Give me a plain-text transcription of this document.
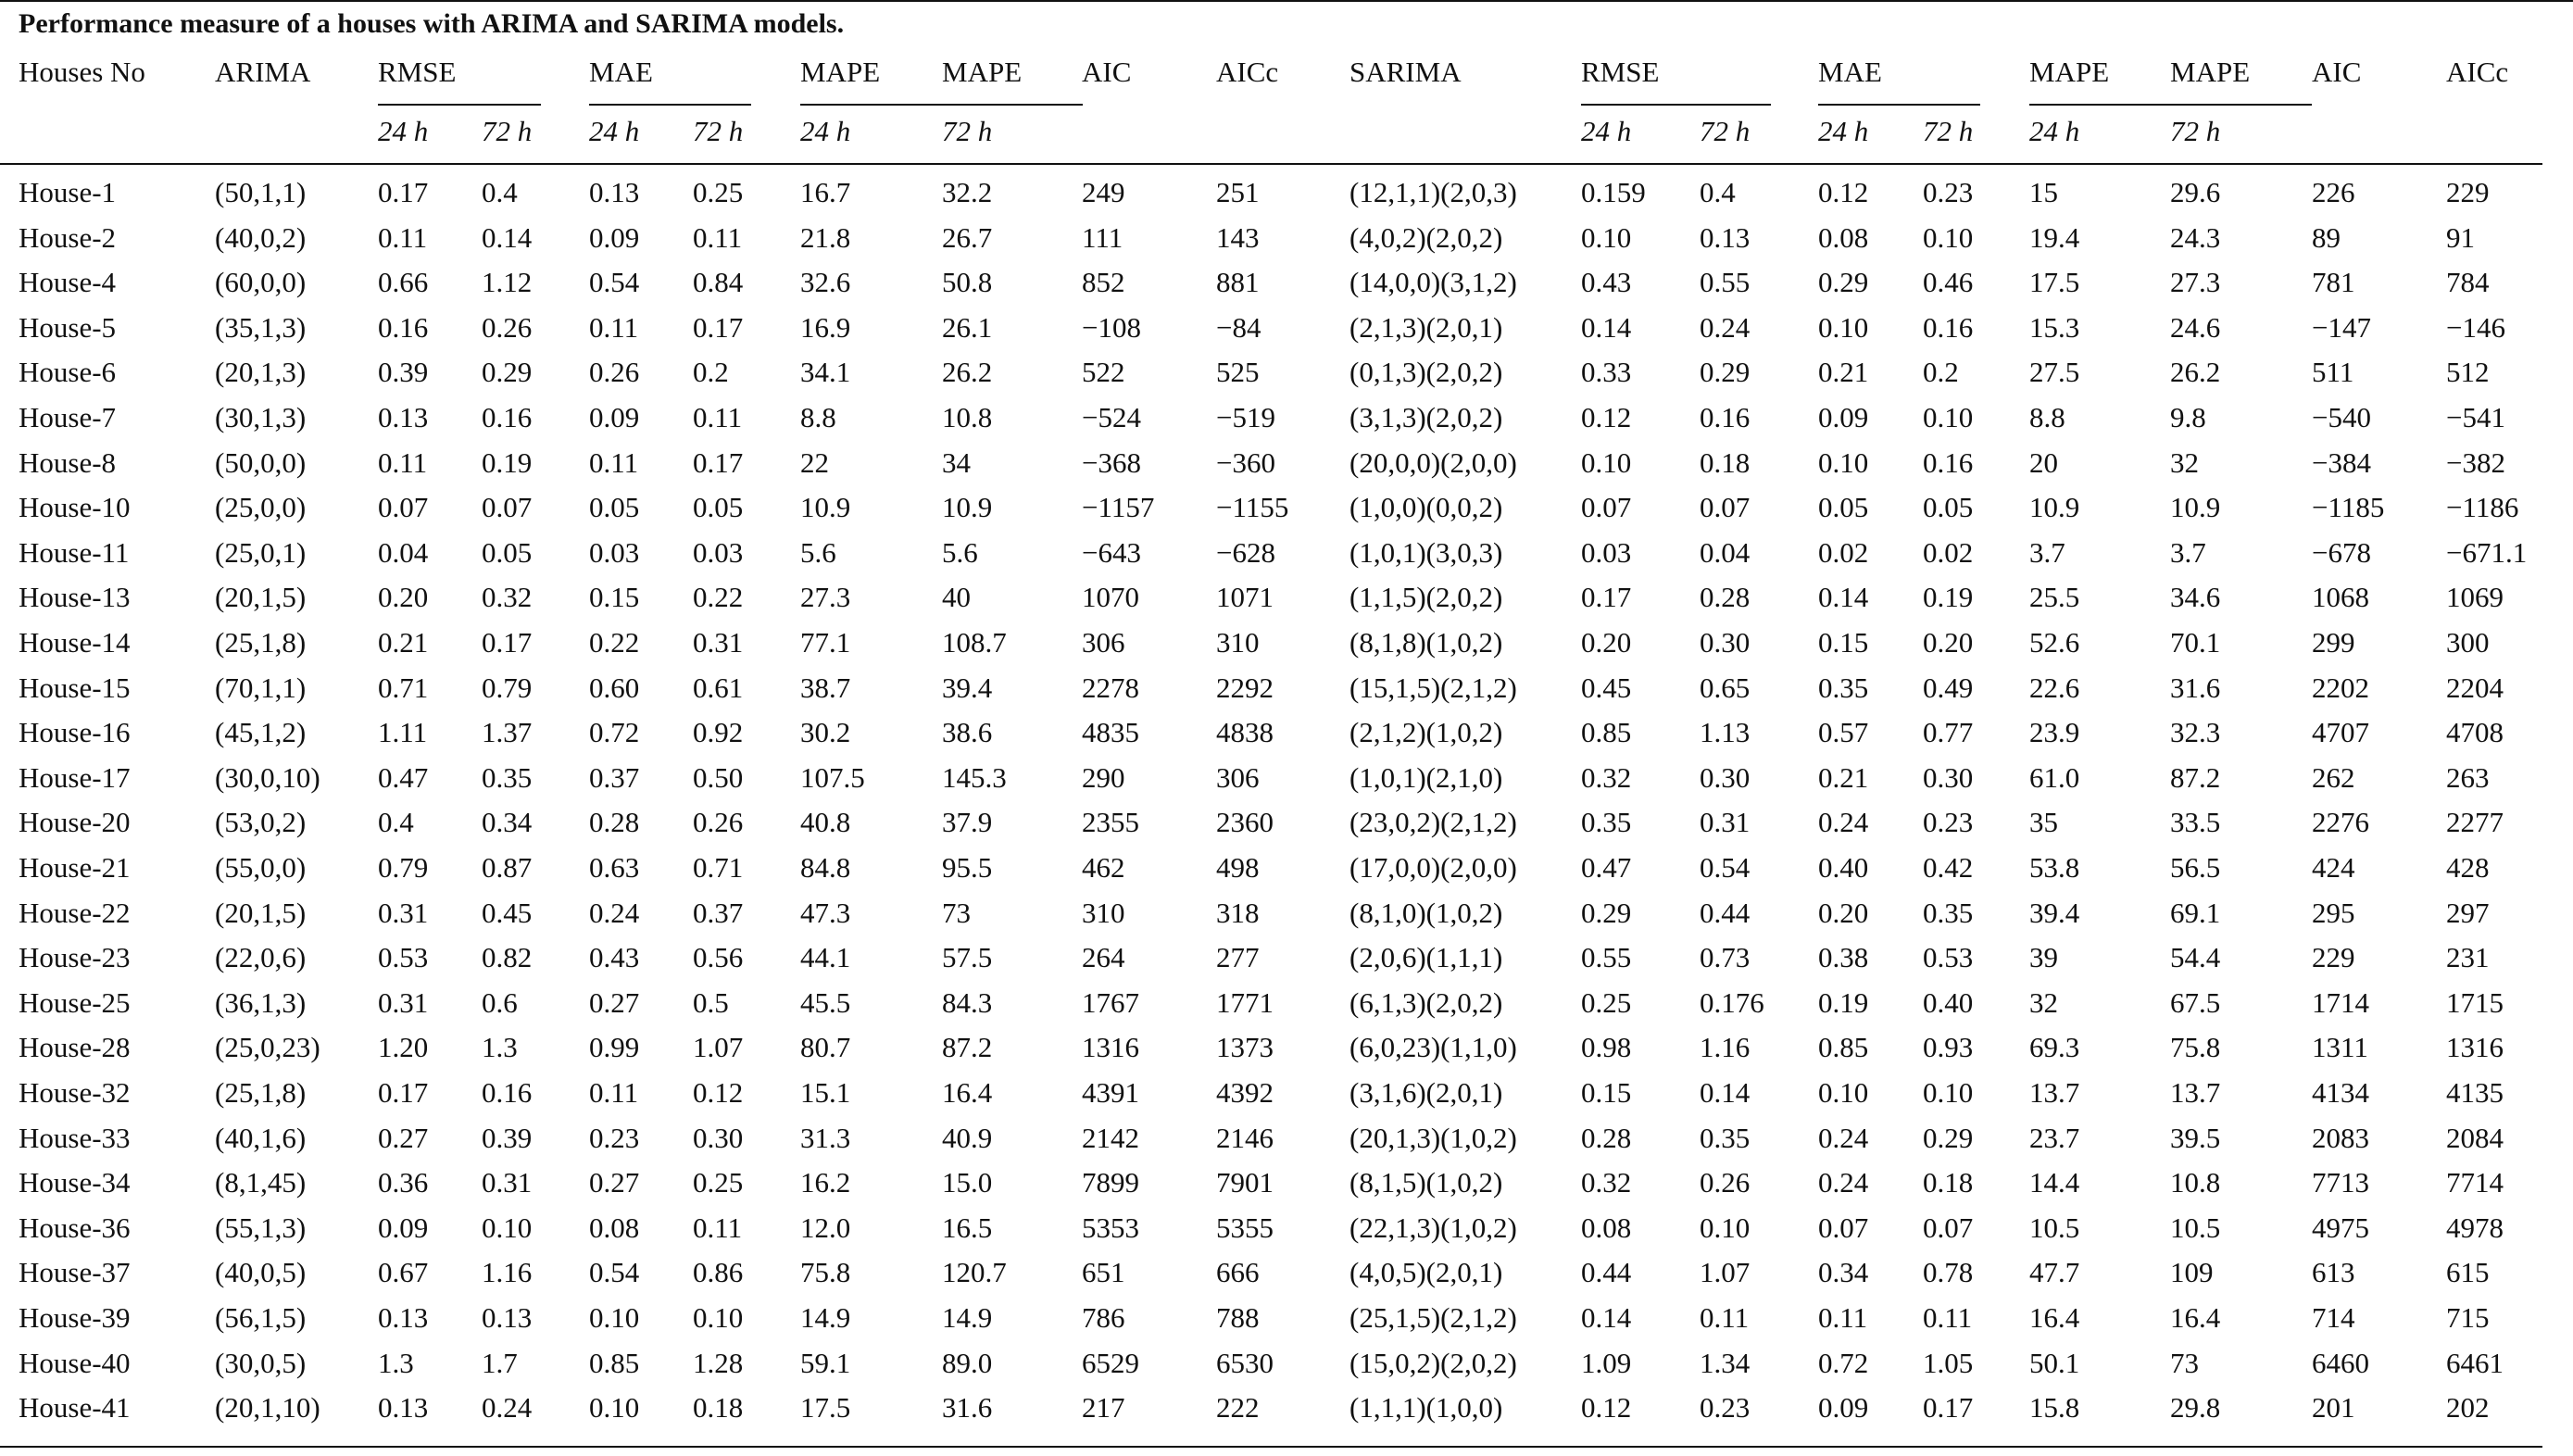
Performance measure of a houses with ARIMA and SARIMA models.
Houses No ARIMA RMSE	MAE	MAPE MAPE AIC	AICc SARIMA	RMSE	MAE	MAPE MAPE AIC	AICc
24 h 72 h 24 h 72 h 24 h	72 h	24 h 72 h 24 h 72 h 24 h	72 h
House-1	(50,1,1)	0.17 0.4 0.13 0.25 16.7	32.2	249	251	(12,1,1)(2,0,3) 0.159 0.4	0.12 0.23 15	29.6	226	229
House-2	(40,0,2)	0.11 0.14 0.09 0.11 21.8	26.7	111	143	(4,0,2)(2,0,2)	0.10 0.13 0.08 0.10 19.4	24.3	89	91
House-4	(60,0,0)	0.66 1.12 0.54 0.84 32.6	50.8	852	881	(14,0,0)(3,1,2) 0.43 0.55 0.29 0.46 17.5	27.3	781	784
House-5	(35,1,3)	0.16 0.26 0.11 0.17 16.9	26.1	−108	−84	(2,1,3)(2,0,1)	0.14 0.24 0.10 0.16 15.3	24.6	−147	−146
House-6	(20,1,3)	0.39 0.29 0.26 0.2 34.1	26.2	522	525	(0,1,3)(2,0,2)	0.33 0.29 0.21 0.2 27.5	26.2	511	512
House-7	(30,1,3)	0.13 0.16 0.09 0.11 8.8	10.8	−524	−519	(3,1,3)(2,0,2)	0.12 0.16 0.09 0.10 8.8	9.8	−540	−541
House-8	(50,0,0)	0.11 0.19 0.11 0.17 22	34	−368	−360	(20,0,0)(2,0,0) 0.10 0.18 0.10 0.16 20	32	−384	−382
House-10	(25,0,0)	0.07 0.07 0.05 0.05 10.9	10.9	−1157 −1155 (1,0,0)(0,0,2)	0.07 0.07 0.05 0.05 10.9	10.9	−1185 −1186
House-11	(25,0,1)	0.04 0.05 0.03 0.03 5.6	5.6	−643	−628	(1,0,1)(3,0,3)	0.03 0.04 0.02 0.02 3.7	3.7	−678	−671.1
House-13	(20,1,5)	0.20 0.32 0.15 0.22 27.3	40	1070	1071	(1,1,5)(2,0,2)	0.17 0.28 0.14 0.19 25.5	34.6	1068	1069
House-14	(25,1,8)	0.21 0.17 0.22 0.31 77.1	108.7	306	310	(8,1,8)(1,0,2)	0.20 0.30 0.15 0.20 52.6	70.1	299	300
House-15	(70,1,1)	0.71 0.79 0.60 0.61 38.7	39.4	2278	2292	(15,1,5)(2,1,2) 0.45 0.65 0.35 0.49 22.6	31.6	2202	2204
House-16	(45,1,2)	1.11 1.37 0.72 0.92 30.2	38.6	4835	4838	(2,1,2)(1,0,2)	0.85 1.13 0.57 0.77 23.9	32.3	4707	4708
House-17	(30,0,10) 0.47 0.35 0.37 0.50 107.5	145.3	290	306	(1,0,1)(2,1,0)	0.32 0.30 0.21 0.30 61.0	87.2	262	263
House-20	(53,0,2)	0.4 0.34 0.28 0.26 40.8	37.9	2355	2360	(23,0,2)(2,1,2) 0.35 0.31 0.24 0.23 35	33.5	2276	2277
House-21	(55,0,0)	0.79 0.87 0.63 0.71 84.8	95.5	462	498	(17,0,0)(2,0,0) 0.47 0.54 0.40 0.42 53.8	56.5	424	428
House-22	(20,1,5)	0.31 0.45 0.24 0.37 47.3	73	310	318	(8,1,0)(1,0,2)	0.29 0.44 0.20 0.35 39.4	69.1	295	297
House-23	(22,0,6)	0.53 0.82 0.43 0.56 44.1	57.5	264	277	(2,0,6)(1,1,1)	0.55 0.73 0.38 0.53 39	54.4	229	231
House-25	(36,1,3)	0.31 0.6 0.27 0.5 45.5	84.3	1767	1771	(6,1,3)(2,0,2)	0.25 0.176 0.19 0.40 32	67.5	1714	1715
House-28	(25,0,23) 1.20 1.3 0.99 1.07 80.7	87.2	1316	1373	(6,0,23)(1,1,0) 0.98 1.16 0.85 0.93 69.3	75.8	1311	1316
House-32	(25,1,8)	0.17 0.16 0.11 0.12 15.1	16.4	4391	4392	(3,1,6)(2,0,1)	0.15 0.14 0.10 0.10 13.7	13.7	4134	4135
House-33	(40,1,6)	0.27 0.39 0.23 0.30 31.3	40.9	2142	2146	(20,1,3)(1,0,2) 0.28 0.35 0.24 0.29 23.7	39.5	2083	2084
House-34	(8,1,45)	0.36 0.31 0.27 0.25 16.2	15.0	7899	7901	(8,1,5)(1,0,2)	0.32 0.26 0.24 0.18 14.4	10.8	7713	7714
House-36	(55,1,3)	0.09 0.10 0.08 0.11 12.0	16.5	5353	5355	(22,1,3)(1,0,2) 0.08 0.10 0.07 0.07 10.5	10.5	4975	4978
House-37	(40,0,5)	0.67 1.16 0.54 0.86 75.8	120.7	651	666	(4,0,5)(2,0,1)	0.44 1.07 0.34 0.78 47.7	109	613	615
House-39	(56,1,5)	0.13 0.13 0.10 0.10 14.9	14.9	786	788	(25,1,5)(2,1,2) 0.14 0.11 0.11 0.11 16.4	16.4	714	715
House-40	(30,0,5)	1.3 1.7 0.85 1.28 59.1	89.0	6529	6530	(15,0,2)(2,0,2) 1.09 1.34 0.72 1.05 50.1	73	6460	6461
House-41	(20,1,10) 0.13 0.24 0.10 0.18 17.5	31.6	217	222	(1,1,1)(1,0,0)	0.12 0.23 0.09 0.17 15.8	29.8	201	202
